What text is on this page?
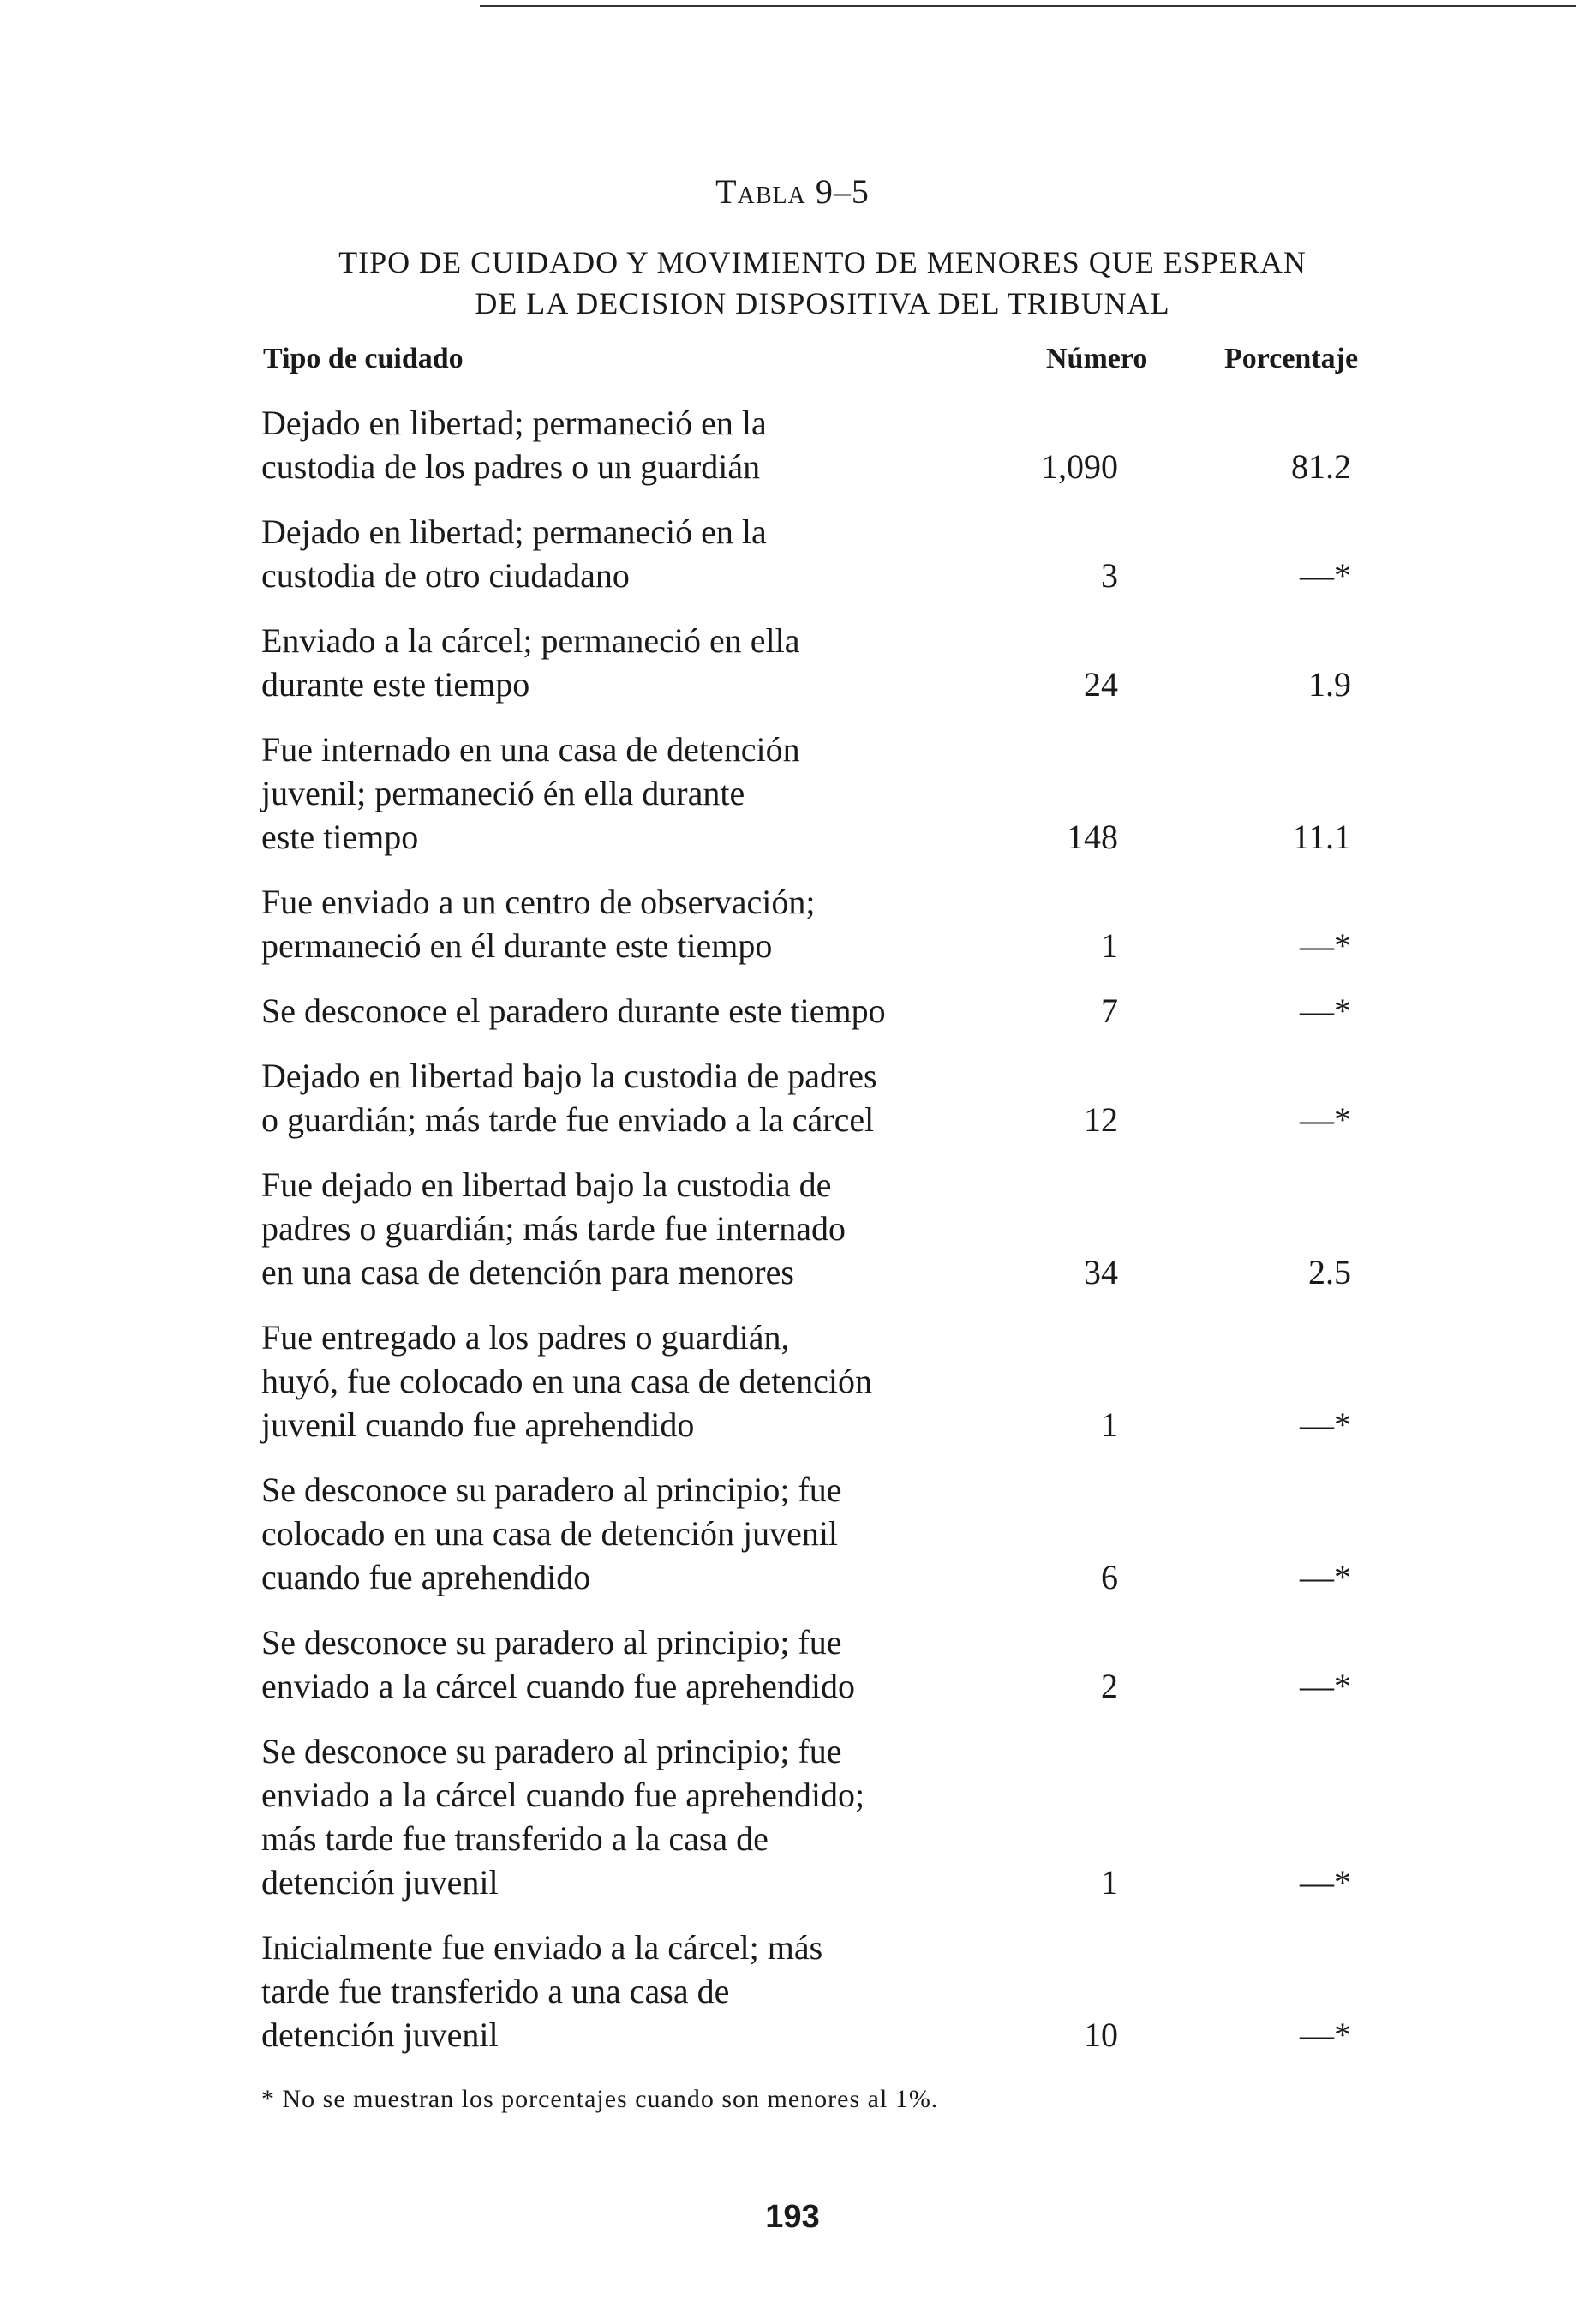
Tabla 9–5
TIPO DE CUIDADO Y MOVIMIENTO DE MENORES QUE ESPERAN
DE LA DECISION DISPOSITIVA DEL TRIBUNAL
Tipo de cuidado	Número	Porcentaje
Dejado en libertad; permaneció en la
custodia de los padres o un guardián	1,090	81.2
Dejado en libertad; permaneció en la
custodia de otro ciudadano	3	—*
Enviado a la cárcel; permaneció en ella
durante este tiempo	24	1.9
Fue internado en una casa de detención
juvenil; permaneció én ella durante
este tiempo	148	11.1
Fue enviado a un centro de observación;
permaneció en él durante este tiempo	1	—*
Se desconoce el paradero durante este tiempo	7	—*
Dejado en libertad bajo la custodia de padres
o guardián; más tarde fue enviado a la cárcel	12	—*
Fue dejado en libertad bajo la custodia de
padres o guardián; más tarde fue internado
en una casa de detención para menores	34	2.5
Fue entregado a los padres o guardián,
huyó, fue colocado en una casa de detención
juvenil cuando fue aprehendido	1	—*
Se desconoce su paradero al principio; fue
colocado en una casa de detención juvenil
cuando fue aprehendido	6	—*
Se desconoce su paradero al principio; fue
enviado a la cárcel cuando fue aprehendido	2	—*
Se desconoce su paradero al principio; fue
enviado a la cárcel cuando fue aprehendido;
más tarde fue transferido a la casa de
detención juvenil	1	—*
Inicialmente fue enviado a la cárcel; más
tarde fue transferido a una casa de
detención juvenil	10	—*
* No se muestran los porcentajes cuando son menores al 1%.
193
